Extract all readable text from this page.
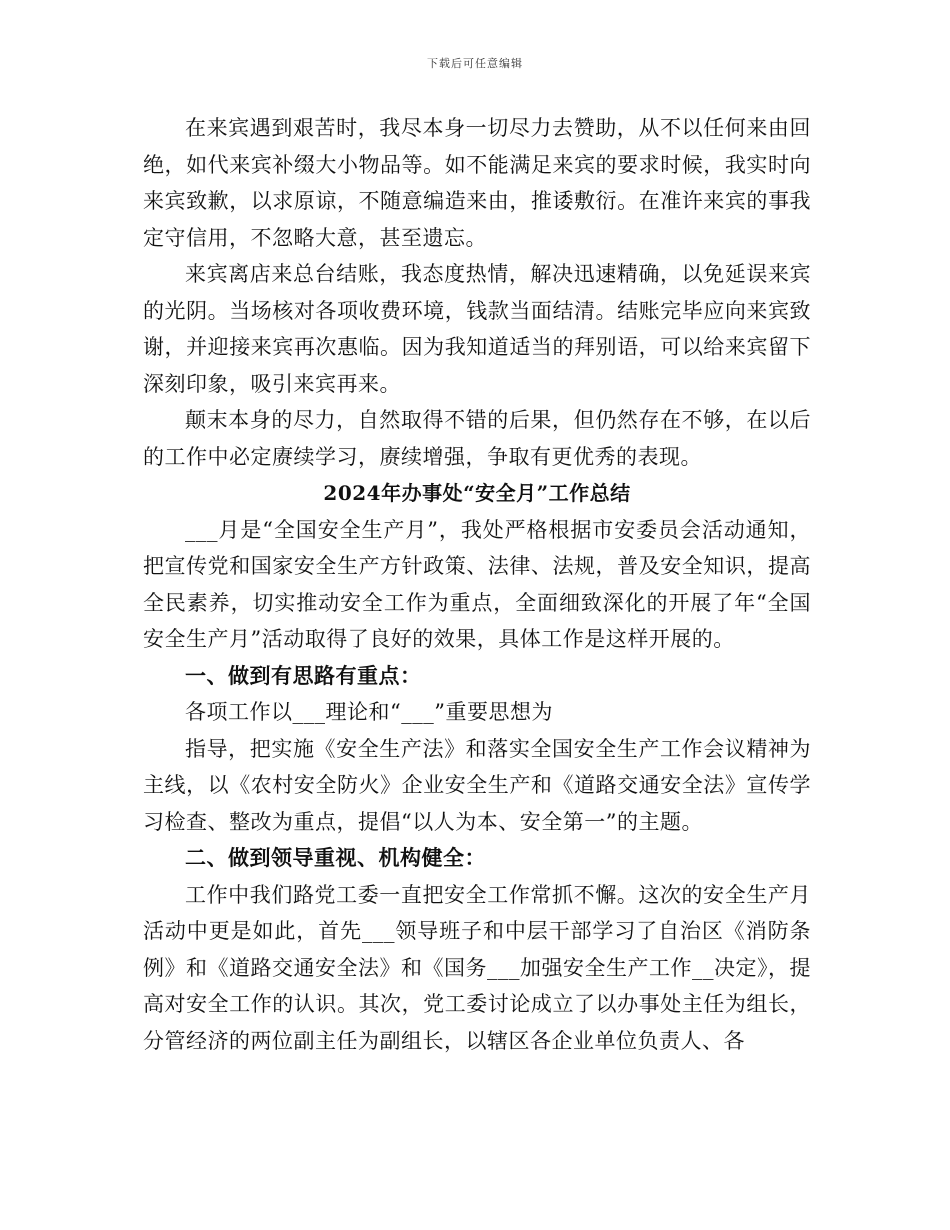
下载后可任意编辑

在来宾遇到艰苦时，我尽本身一切尽力去赞助，从不以任何来由回绝，如代来宾补缀大小物品等。如不能满足来宾的要求时候，我实时向来宾致歉，以求原谅，不随意编造来由，推诿敷衍。在准许来宾的事我定守信用，不忽略大意，甚至遗忘。

来宾离店来总台结账，我态度热情，解决迅速精确，以免延误来宾的光阴。当场核对各项收费环境，钱款当面结清。结账完毕应向来宾致谢，并迎接来宾再次惠临。因为我知道适当的拜别语，可以给来宾留下深刻印象，吸引来宾再来。

颠末本身的尽力，自然取得不错的后果，但仍然存在不够，在以后的工作中必定赓续学习，赓续增强，争取有更优秀的表现。

2024年办事处“安全月”工作总结

___月是“全国安全生产月”，我处严格根据市安委员会活动通知，把宣传党和国家安全生产方针政策、法律、法规，普及安全知识，提高全民素养，切实推动安全工作为重点，全面细致深化的开展了年“全国安全生产月”活动取得了良好的效果，具体工作是这样开展的。

一、做到有思路有重点：

各项工作以___理论和“___”重要思想为

指导，把实施《安全生产法》和落实全国安全生产工作会议精神为主线，以《农村安全防火》企业安全生产和《道路交通安全法》宣传学习检查、整改为重点，提倡“以人为本、安全第一”的主题。

二、做到领导重视、机构健全：

工作中我们路党工委一直把安全工作常抓不懈。这次的安全生产月活动中更是如此，首先___领导班子和中层干部学习了自治区《消防条例》和《道路交通安全法》和《国务___加强安全生产工作__决定》，提高对安全工作的认识。其次，党工委讨论成立了以办事处主任为组长，分管经济的两位副主任为副组长，以辖区各企业单位负责人、各
